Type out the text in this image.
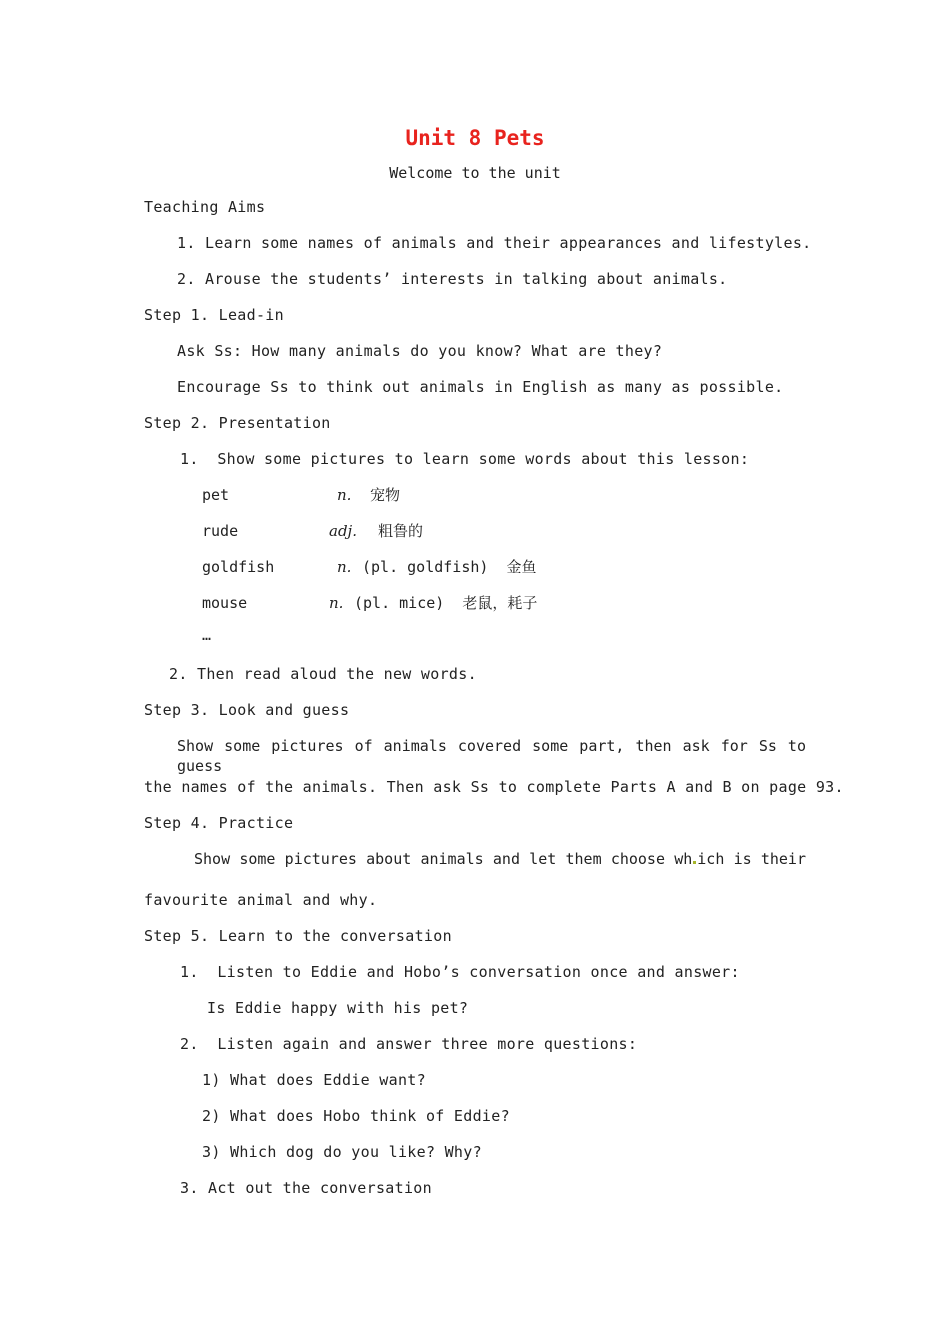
Unit 8 Pets
Welcome to the unit
Teaching Aims
1. Learn some names of animals and their appearances and lifestyles.
2. Arouse the students’ interests in talking about animals.
Step 1. Lead-in
Ask Ss: How many animals do you know? What are they?
Encourage Ss to think out animals in English as many as possible.
Step 2. Presentation
1.  Show some pictures to learn some words about this lesson:
pet	n. 宠物
rude	adj. 粗鲁的
goldfish	n. (pl. goldfish)  金鱼
mouse	n. (pl. mice)  老鼠，耗子
…
2. Then read aloud the new words.
Step 3. Look and guess
Show some pictures of animals covered some part, then ask for Ss to guess
the names of the animals. Then ask Ss to complete Parts A and B on page 93.
Step 4. Practice
Show some pictures about animals and let them choose wh ich is their
favourite animal and why.
Step 5. Learn to the conversation
1.  Listen to Eddie and Hobo’s conversation once and answer:
Is Eddie happy with his pet?
2.  Listen again and answer three more questions:
1) What does Eddie want?
2) What does Hobo think of Eddie?
3) Which dog do you like? Why?
3. Act out the conversation
